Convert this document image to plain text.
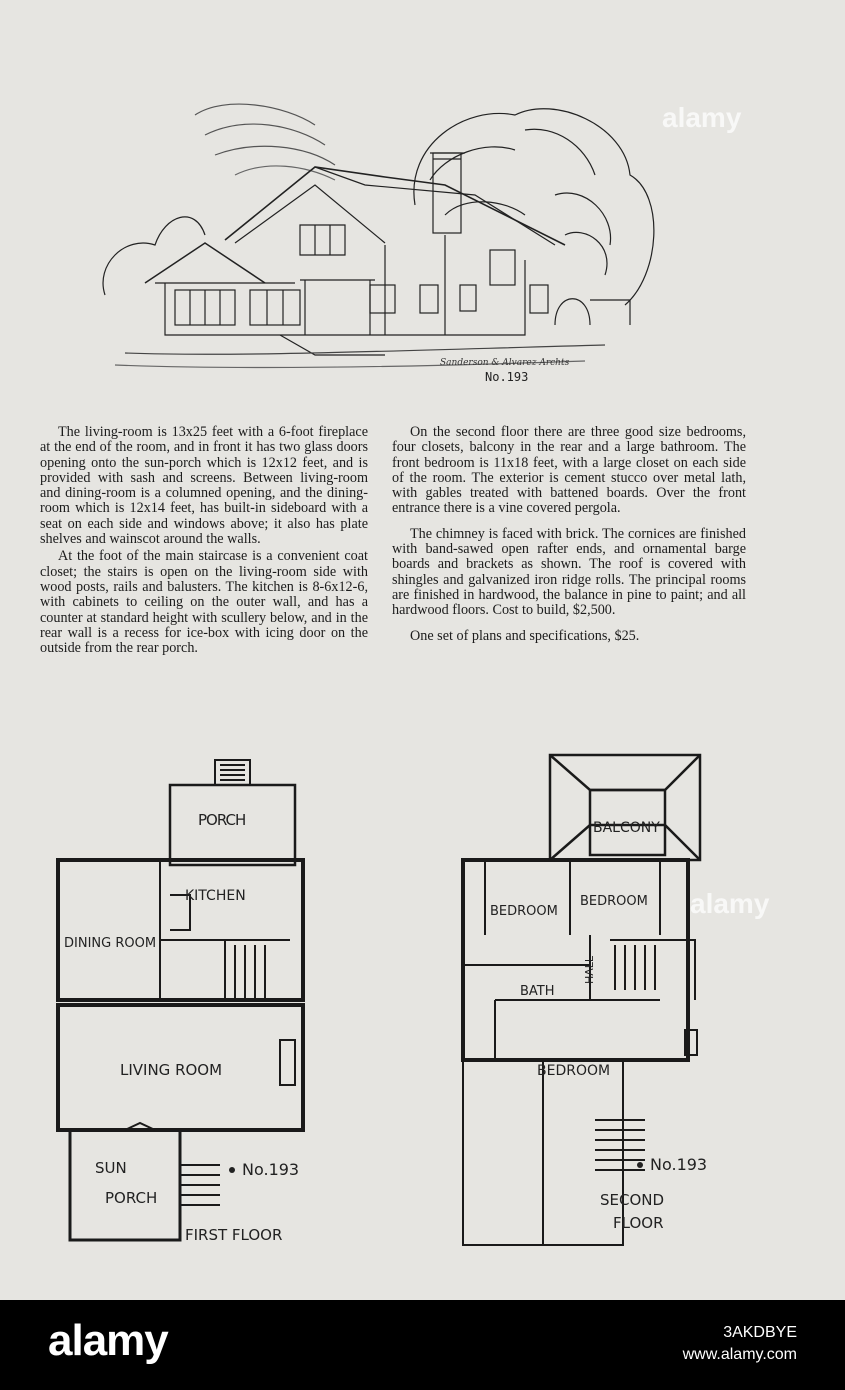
Sanderson & Alvarez Archts
No.193

The living-room is 13x25 feet with a 6-foot fireplace at the end of the room, and in front it has two glass doors opening onto the sun-porch which is 12x12 feet, and is provided with sash and screens. Between living-room and dining-room is a columned opening, and the dining-room which is 12x14 feet, has built-in sideboard with a seat on each side and windows above; it also has plate shelves and wainscot around the walls.

At the foot of the main staircase is a convenient coat closet; the stairs is open on the living-room side with wood posts, rails and balusters. The kitchen is 8-6x12-6, with cabinets to ceiling on the outer wall, and has a counter at standard height with scullery below, and in the rear wall is a recess for ice-box with icing door on the outside from the rear porch.

On the second floor there are three good size bedrooms, four closets, balcony in the rear and a large bathroom. The front bedroom is 11x18 feet, with a large closet on each side of the room. The exterior is cement stucco over metal lath, with gables treated with battened boards. Over the front entrance there is a vine covered pergola.

The chimney is faced with brick. The cornices are finished with band-sawed open rafter ends, and ornamental barge boards and brackets as shown. The roof is covered with shingles and galvanized iron ridge rolls. The principal rooms are finished in hardwood, the balance in pine to paint; and all hardwood floors. Cost to build, $2,500.

One set of plans and specifications, $25.

PORCH
KITCHEN
DINING ROOM
LIVING ROOM
SUN
PORCH
No.193
FIRST FLOOR
BALCONY
BEDROOM
BEDROOM
BATH
HALL
BEDROOM
No.193
SECOND
FLOOR
alamy
alamy
alamy	3AKDBYE
www.alamy.com
